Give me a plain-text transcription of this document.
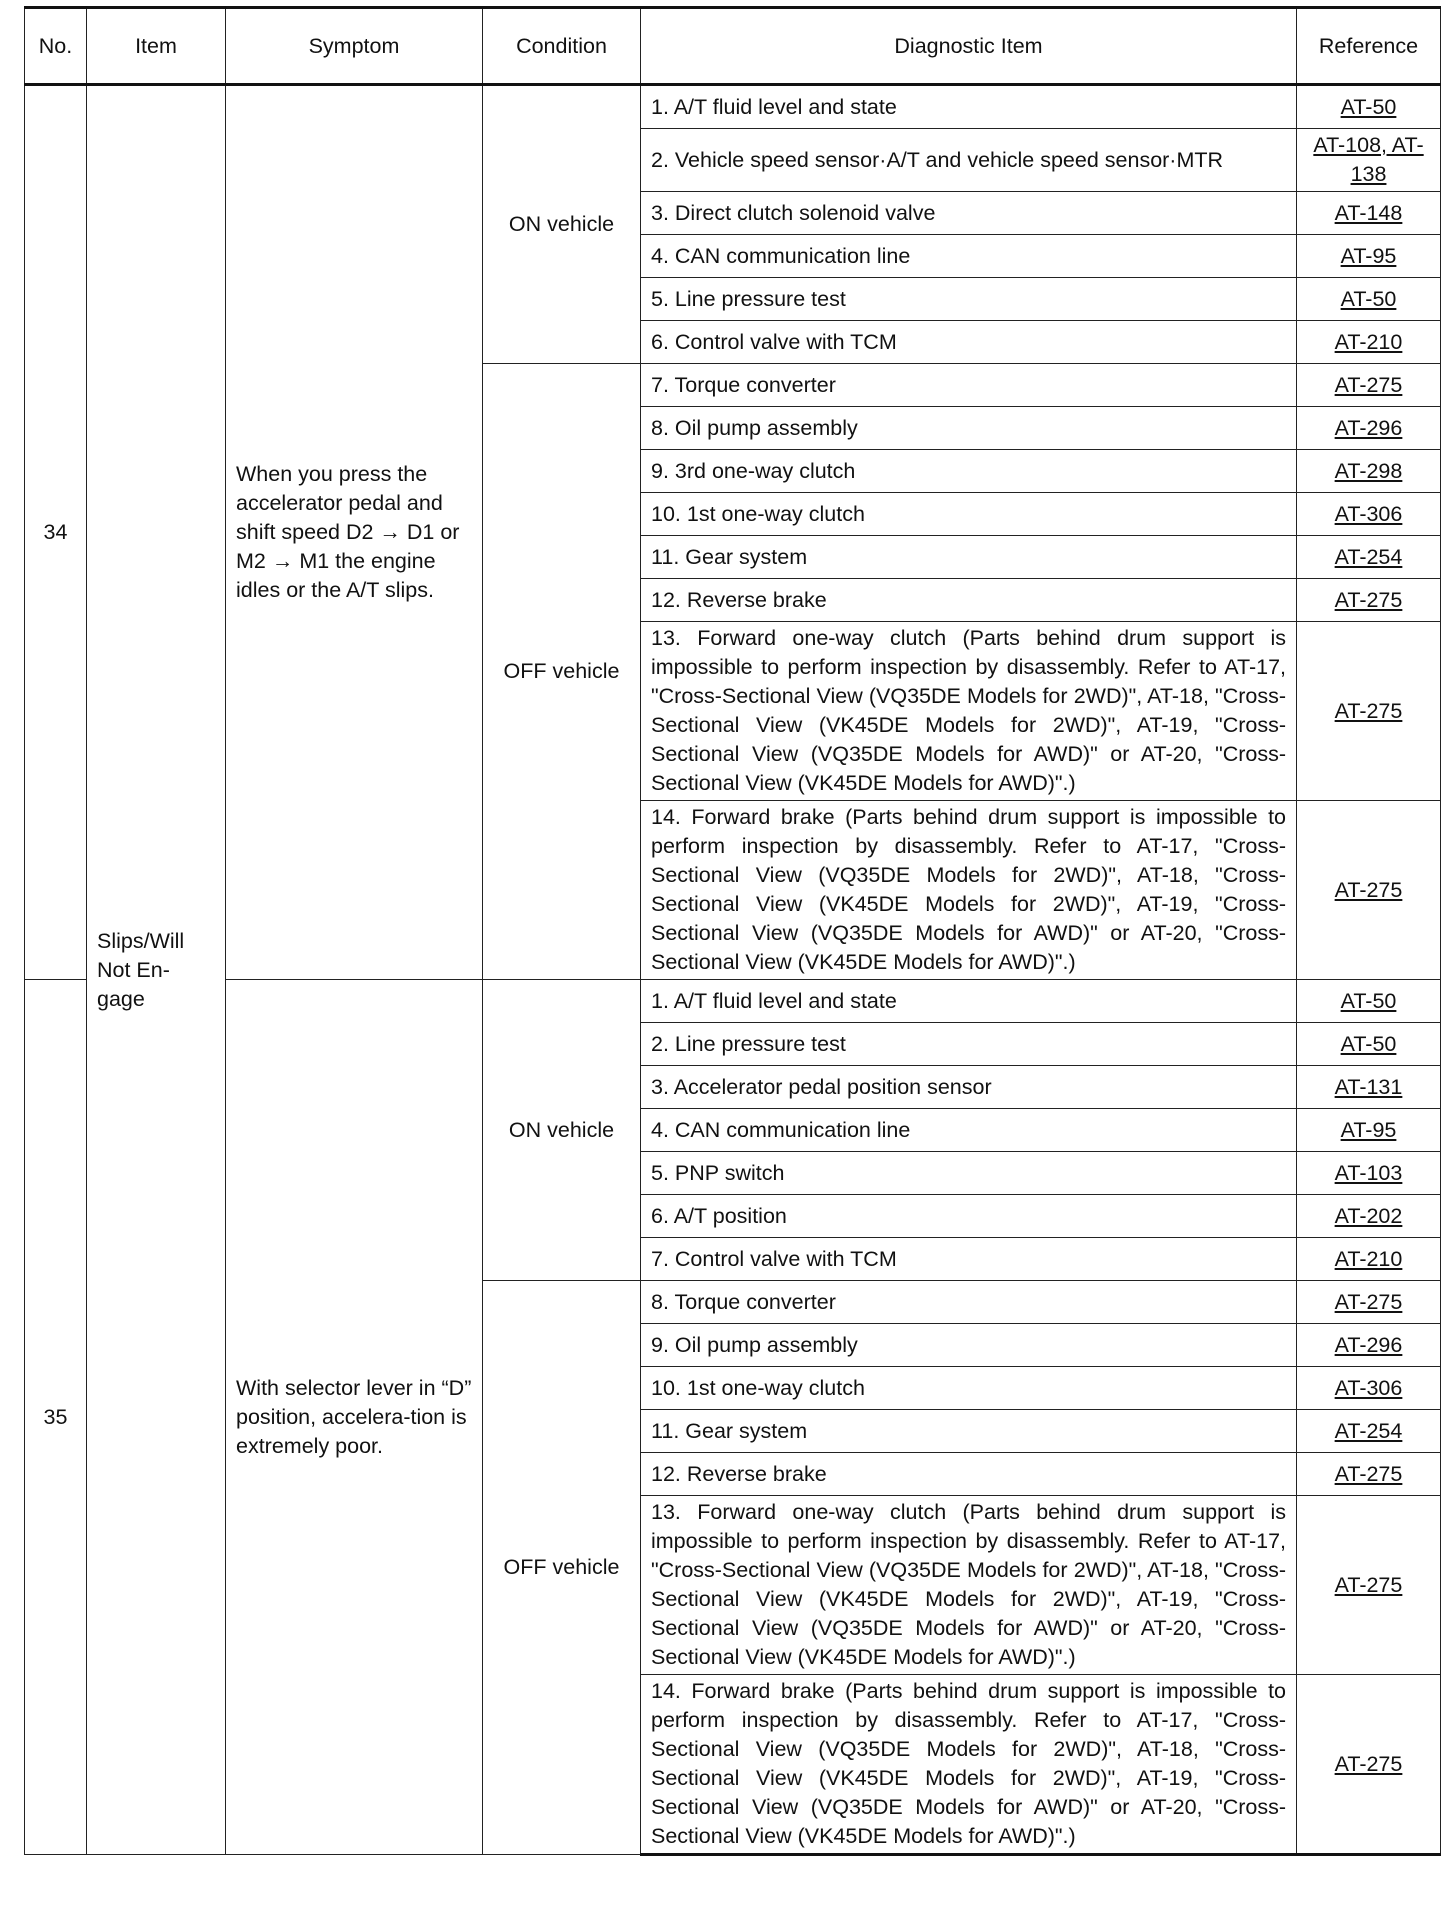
No.	Item	Symptom	Condition	Diagnostic Item	Reference
34	Slips/Will Not En-gage	When you press the accelerator pedal and shift speed D2 → D1 or M2 → M1 the engine idles or the A/T slips.	ON vehicle	1. A/T fluid level and state	AT-50
				2. Vehicle speed sensor·A/T and vehicle speed sensor·MTR	AT-108, AT-138
				3. Direct clutch solenoid valve	AT-148
				4. CAN communication line	AT-95
				5. Line pressure test	AT-50
				6. Control valve with TCM	AT-210
			OFF vehicle	7. Torque converter	AT-275
				8. Oil pump assembly	AT-296
				9. 3rd one-way clutch	AT-298
				10. 1st one-way clutch	AT-306
				11. Gear system	AT-254
				12. Reverse brake	AT-275
				13. Forward one-way clutch (Parts behind drum support is impossible to perform inspection by disassembly. Refer to AT-17, "Cross-Sectional View (VQ35DE Models for 2WD)", AT-18, "Cross-Sectional View (VK45DE Models for 2WD)", AT-19, "Cross-Sectional View (VQ35DE Models for AWD)" or AT-20, "Cross-Sectional View (VK45DE Models for AWD)".)	AT-275
				14. Forward brake (Parts behind drum support is impossible to perform inspection by disassembly. Refer to AT-17, "Cross-Sectional View (VQ35DE Models for 2WD)", AT-18, "Cross-Sectional View (VK45DE Models for 2WD)", AT-19, "Cross-Sectional View (VQ35DE Models for AWD)" or AT-20, "Cross-Sectional View (VK45DE Models for AWD)".)	AT-275
35		With selector lever in “D” position, accelera-tion is extremely poor.	ON vehicle	1. A/T fluid level and state	AT-50
				2. Line pressure test	AT-50
				3. Accelerator pedal position sensor	AT-131
				4. CAN communication line	AT-95
				5. PNP switch	AT-103
				6. A/T position	AT-202
				7. Control valve with TCM	AT-210
			OFF vehicle	8. Torque converter	AT-275
				9. Oil pump assembly	AT-296
				10. 1st one-way clutch	AT-306
				11. Gear system	AT-254
				12. Reverse brake	AT-275
				13. Forward one-way clutch (Parts behind drum support is impossible to perform inspection by disassembly. Refer to AT-17, "Cross-Sectional View (VQ35DE Models for 2WD)", AT-18, "Cross-Sectional View (VK45DE Models for 2WD)", AT-19, "Cross-Sectional View (VQ35DE Models for AWD)" or AT-20, "Cross-Sectional View (VK45DE Models for AWD)".)	AT-275
				14. Forward brake (Parts behind drum support is impossible to perform inspection by disassembly. Refer to AT-17, "Cross-Sectional View (VQ35DE Models for 2WD)", AT-18, "Cross-Sectional View (VK45DE Models for 2WD)", AT-19, "Cross-Sectional View (VQ35DE Models for AWD)" or AT-20, "Cross-Sectional View (VK45DE Models for AWD)".)	AT-275
